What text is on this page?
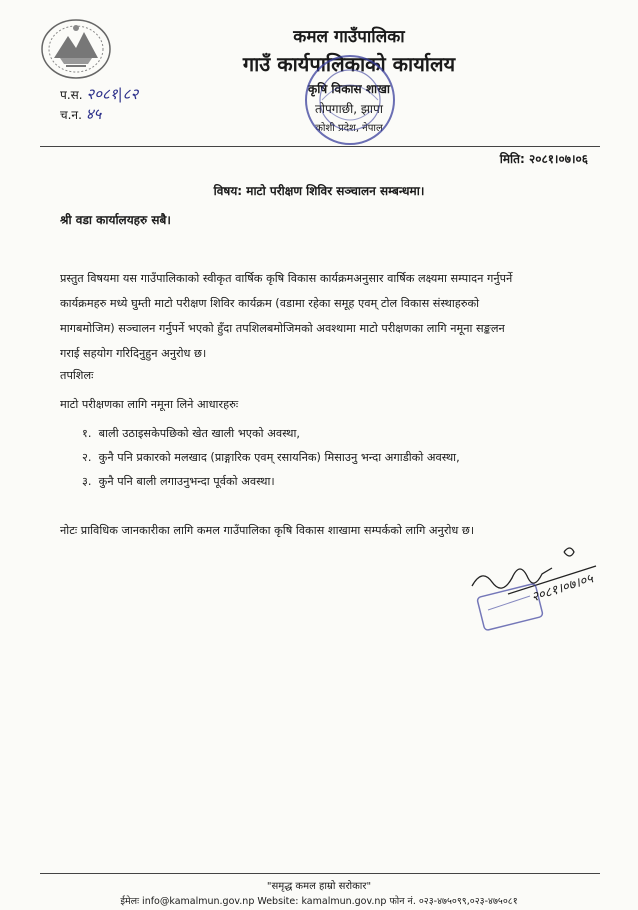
प.स. २०८१|८२
च.न. ४५
कमल गाउँपालिका
गाउँ कार्यपालिकाको कार्यालय
कृषि विकास शाखा
तोपगाछी, झापा
कोशी प्रदेश, नेपाल
मिति: २०८१।०७।०६
विषय: माटो परीक्षण शिविर सञ्चालन सम्बन्धमा।
श्री वडा कार्यालयहरु सबै।
प्रस्तुत विषयमा यस गाउँपालिकाको स्वीकृत वार्षिक कृषि विकास कार्यक्रमअनुसार वार्षिक लक्ष्यमा सम्पादन गर्नुपर्ने
कार्यक्रमहरु मध्ये घुम्ती माटो परीक्षण शिविर कार्यक्रम (वडामा रहेका समूह एवम् टोल विकास संस्थाहरुको
मागबमोजिम) सञ्चालन गर्नुपर्ने भएको हुँदा तपशिलबमोजिमको अवश्थामा माटो परीक्षणका लागि नमूना सङ्कलन
गराई सहयोग गरिदिनुहुन अनुरोध छ।
तपशिलः
माटो परीक्षणका लागि नमूना लिने आधारहरुः
१. बाली उठाइसकेपछिको खेत खाली भएको अवस्था,
२. कुनै पनि प्रकारको मलखाद (प्राङ्गारिक एवम् रसायनिक) मिसाउनु भन्दा अगाडीको अवस्था,
३. कुनै पनि बाली लगाउनुभन्दा पूर्वको अवस्था।
नोटः प्राविधिक जानकारीका लागि कमल गाउँपालिका कृषि विकास शाखामा सम्पर्कको लागि अनुरोध छ।
२०८१।०७।०५
"समृद्ध कमल हाम्रो सरोकार"
ईमेलः info@kamalmun.gov.np Website: kamalmun.gov.np फोन नं. ०२३-४७५०९९,०२३-४७५०८१
